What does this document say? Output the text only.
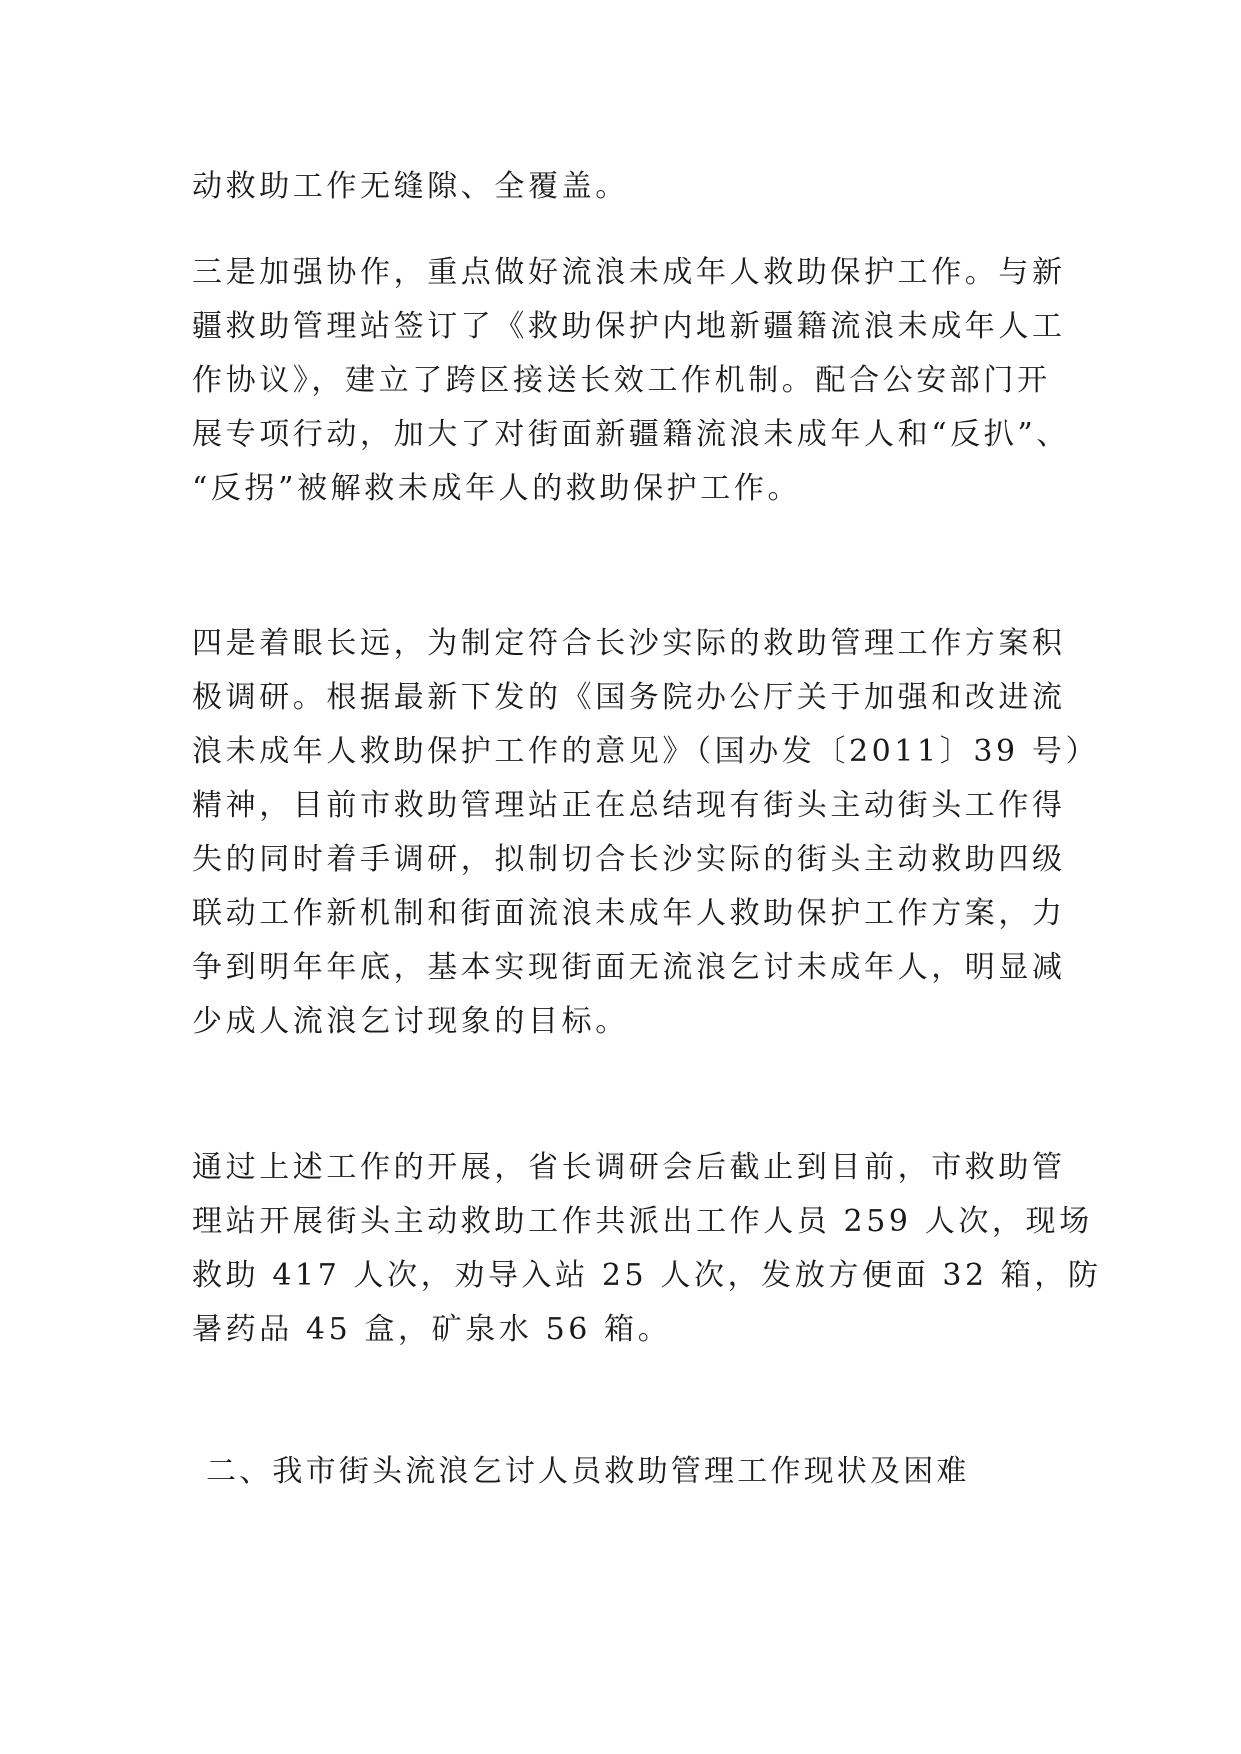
动救助工作无缝隙、全覆盖。
三是加强协作，重点做好流浪未成年人救助保护工作。与新
疆救助管理站签订了《救助保护内地新疆籍流浪未成年人工
作协议》，建立了跨区接送长效工作机制。配合公安部门开
展专项行动，加大了对街面新疆籍流浪未成年人和“反扒”、
“反拐”被解救未成年人的救助保护工作。
四是着眼长远，为制定符合长沙实际的救助管理工作方案积
极调研。根据最新下发的《国务院办公厅关于加强和改进流
浪未成年人救助保护工作的意见》（国办发〔2011〕39 号）
精神，目前市救助管理站正在总结现有街头主动街头工作得
失的同时着手调研，拟制切合长沙实际的街头主动救助四级
联动工作新机制和街面流浪未成年人救助保护工作方案，力
争到明年年底，基本实现街面无流浪乞讨未成年人，明显减
少成人流浪乞讨现象的目标。
通过上述工作的开展，省长调研会后截止到目前，市救助管
理站开展街头主动救助工作共派出工作人员 259 人次，现场
救助 417 人次，劝导入站 25 人次，发放方便面 32 箱，防
暑药品 45 盒，矿泉水 56 箱。
二、我市街头流浪乞讨人员救助管理工作现状及困难
